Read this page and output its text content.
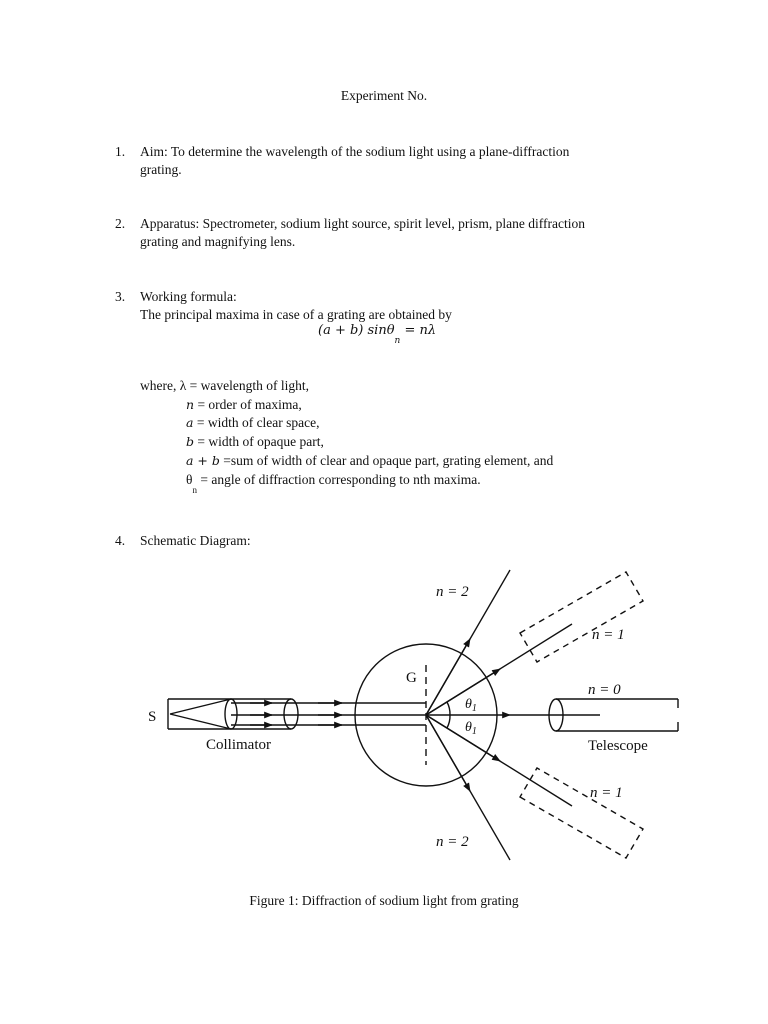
Experiment No.
1.	Aim: To determine the wavelength of the sodium light using a plane-diffraction
grating.
2.	Apparatus: Spectrometer, sodium light source, spirit level, prism, plane diffraction
grating and magnifying lens.
3.	Working formula:
The principal maxima in case of a grating are obtained by
(a + b) sinθ$_n$ = nλ
where, λ = wavelength of light,
n = order of maxima,
a = width of clear space,
b = width of opaque part,
a + b =sum of width of clear and opaque part, grating element, and
$\theta_n$ = angle of diffraction corresponding to nth maxima.
4.	Schematic Diagram:
S
Collimator
G
Telescope
n = 2
n = 1
n = 0
n = 1
n = 2
$\theta_1$
$\theta_1$
Figure 1: Diffraction of sodium light from grating
